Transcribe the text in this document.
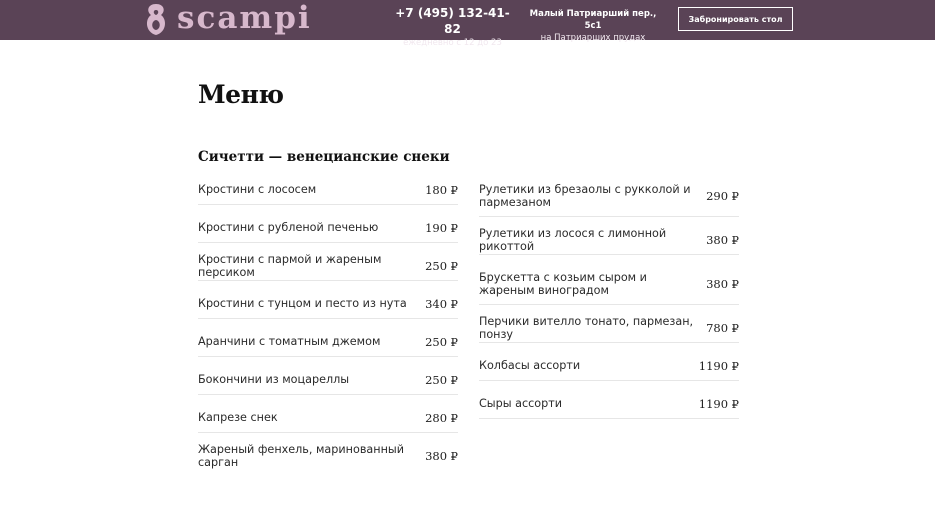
scampi	+7 (495) 132-41-82
ежедневно с 12 до 23
Малый Патриарший пер., 5с1
на Патриарших прудах
Забронировать стол
Меню
Сичетти — венецианские снеки
Крoстини с лососем	180 ₽
Крoстини с рубленой печенью	190 ₽
Крoстини с пармой и жареным персиком	250 ₽
Крoстини с тунцом и песто из нута 340 ₽
Аранчини с томатным джемом	250 ₽
Бокончини из моцареллы	250 ₽
Капрезе снек	280 ₽
Жареный фенхель, маринованный сарган	380 ₽
Рулетики из брезаолы с рукколой и пармезаном	290 ₽
Рулетики из лосося с лимонной рикоттой	380 ₽
Брускетта с козьим сыром и жареным виноградом	380 ₽
Перчики вителло тонато, пармезан, понзу	780 ₽
Колбасы ассорти	1190 ₽
Сыры ассорти	1190 ₽
